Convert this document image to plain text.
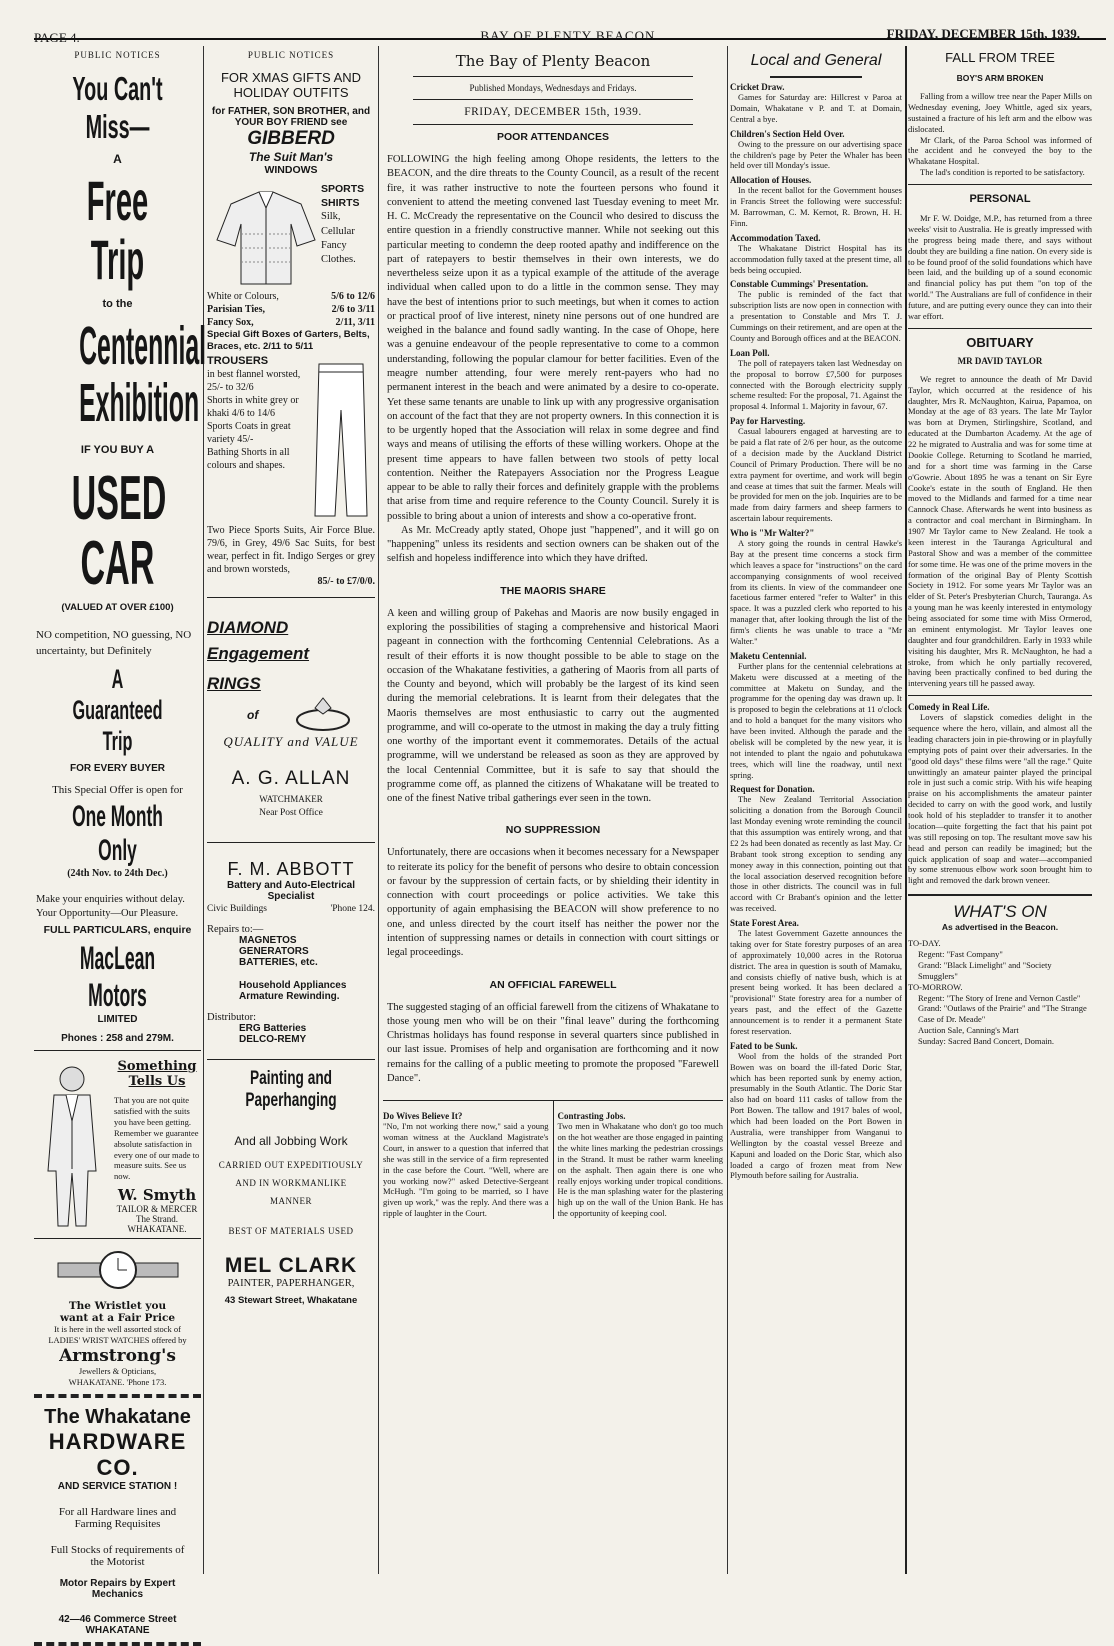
PAGE 4.	BAY OF PLENTY BEACON.	FRIDAY, DECEMBER 15th, 1939.
PUBLIC NOTICES
You Can't Miss—
A
Free Trip
to the
Centennial
Exhibition
IF YOU BUY A
USED CAR
(VALUED AT OVER £100)
NO competition, NO guessing, NO uncertainty, but Definitely
A Guaranteed Trip
FOR EVERY BUYER
This Special Offer is open for
One Month Only
(24th Nov. to 24th Dec.)
Make your enquiries without delay. Your Opportunity—Our Pleasure.
FULL PARTICULARS, enquire
MacLean Motors
LIMITED
Phones : 258 and 279M.
Something Tells Us
That you are not quite satisfied with the suits you have been getting. Remember we guarantee absolute satisfaction in every one of our made to measure suits. See us now.
W. Smyth
TAILOR & MERCER
The Strand.
WHAKATANE.
The Wristlet you
want at a Fair Price
It is here in the well assorted stock of LADIES' WRIST WATCHES offered by
Armstrong's
Jewellers & Opticians,
WHAKATANE. 'Phone 173.
The Whakatane
HARDWARE CO.
AND SERVICE STATION !
For all Hardware lines and Farming Requisites
Full Stocks of requirements of the Motorist
Motor Repairs by Expert Mechanics
42—46 Commerce Street
WHAKATANE
PUBLIC NOTICES
FOR XMAS GIFTS AND
HOLIDAY OUTFITS
for FATHER, SON BROTHER, and YOUR BOY FRIEND see
GIBBERD
The Suit Man's
WINDOWS
SPORTS
SHIRTS
Silk,
Cellular
Fancy
Clothes.
White or Colours,	5/6 to 12/6
Parisian Ties,	2/6 to 3/11
Fancy Sox,	2/11, 3/11
Special Gift Boxes of Garters, Belts, Braces, etc. 2/11 to 5/11
TROUSERS
in best flannel worsted, 25/- to 32/6
Shorts in white grey or khaki 4/6 to 14/6
Sports Coats in great variety 45/-
Bathing Shorts in all colours and shapes.
Two Piece Sports Suits, Air Force Blue. 79/6, in Grey, 49/6 Sac Suits, for best wear, perfect in fit. Indigo Serges or grey and brown worsteds,
85/- to £7/0/0.
DIAMOND
Engagement
RINGS
of
QUALITY and VALUE
A. G. ALLAN
WATCHMAKER
Near Post Office
F. M. ABBOTT
Battery and Auto-Electrical Specialist
Civic Buildings	'Phone 124.
Repairs to:—
MAGNETOS
GENERATORS
BATTERIES, etc.
Household Appliances
Armature Rewinding.
Distributor:
ERG Batteries
DELCO-REMY
Painting and Paperhanging
And all Jobbing Work
CARRIED OUT EXPEDITIOUSLY
AND IN WORKMANLIKE
MANNER
BEST OF MATERIALS USED
MEL CLARK
PAINTER, PAPERHANGER,
43 Stewart Street, Whakatane
The Bay of Plenty Beacon
Published Mondays, Wednesdays and Fridays.
FRIDAY, DECEMBER 15th, 1939.
POOR ATTENDANCES
FOLLOWING the high feeling among Ohope residents, the letters to the BEACON, and the dire threats to the County Council, as a result of the recent fire, it was rather instructive to note the fourteen persons who found it convenient to attend the meeting convened last Tuesday evening to meet Mr. H. C. McCready the representative on the Council who desired to discuss the entire question in a friendly constructive manner. While not seeking out this particular meeting to condemn the deep rooted apathy and indifference on the part of ratepayers to bestir themselves in their own interests, we do nevertheless seize upon it as a typical example of the attitude of the average individual when called upon to do a little in the common sense. They may have the best of intentions prior to such meetings, but when it comes to action or practical proof of live interest, ninety nine persons out of one hundred are weighed in the balance and found sadly wanting. In the case of Ohope, here was a genuine endeavour of the people representative to come to a common understanding, following the popular clamour for better facilities. Even of the meagre number attending, four were merely rent-payers who had no permanent interest in the beach and were animated by a desire to co-operate. Yet these same tenants are unable to link up with any progressive organisation on account of the fact that they are not property owners. In this connection it is to be urgently hoped that the Association will relax in some degree and find ways and means of utilising the efforts of these willing workers. Ohope at the present time appears to have fallen between two stools of petty local contention. Neither the Ratepayers Association nor the Progress League appear to be able to rally their forces and definitely grapple with the problems that arise from time and require reference to the County Council. Surely it is possible to bring about a union of interests and show a co-operative front.
As Mr. McCready aptly stated, Ohope just "happened", and it will go on "happening" unless its residents and section owners can be shaken out of the selfish and hopeless indifference into which they have drifted.
THE MAORIS SHARE
A keen and willing group of Pakehas and Maoris are now busily engaged in exploring the possibilities of staging a comprehensive and historical Maori pageant in connection with the forthcoming Centennial Celebrations. As a result of their efforts it is now thought possible to be able to stage on the occasion of the Whakatane festivities, a gathering of Maoris from all parts of the County and beyond, which will probably be the largest of its kind seen during the memorial celebrations. It is learnt from their delegates that the Maoris themselves are most enthusiastic to carry out the augmented programme, and will co-operate to the utmost in making the day a truly fitting one worthy of the important event it commemorates. Details of the actual programme, will we understand be released as soon as they are approved by the local Centennial Committee, but it is safe to say that should the programme come off, as planned the citizens of Whakatane will be treated to one of the finest Native tribal gatherings ever seen in the town.
NO SUPPRESSION
Unfortunately, there are occasions when it becomes necessary for a Newspaper to reiterate its policy for the benefit of persons who desire to obtain concession or favour by the suppression of certain facts, or by shielding their identity in connection with court proceedings or police activities. We take this opportunity of again emphasising the BEACON will show preference to no one, and unless directed by the court itself has neither the power nor the intention of suppressing names or details in connection with court sittings or legal proceedings.
AN OFFICIAL FAREWELL
The suggested staging of an official farewell from the citizens of Whakatane to those young men who will be on their "final leave" during the forthcoming Christmas holidays has found response in several quarters since published in our last issue. Promises of help and organisation are forthcoming and it now remains for the calling of a public meeting to promote the proposed "Farewell Dance".
Do Wives Believe It?
"No, I'm not working there now," said a young woman witness at the Auckland Magistrate's Court, in answer to a question that inferred that she was still in the service of a firm represented in the case before the Court. "Well, where are you working now?" asked Detective-Sergeant McHugh. "I'm going to be married, so I have given up work," was the reply. And there was a ripple of laughter in the Court.
Contrasting Jobs.
Two men in Whakatane who don't go too much on the hot weather are those engaged in painting the white lines marking the pedestrian crossings in the Strand. It must be rather warm kneeling on the asphalt. Then again there is one who really enjoys working under tropical conditions. He is the man splashing water for the plastering high up on the wall of the Union Bank. He has the opportunity of keeping cool.
Local and General
Cricket Draw.
Games for Saturday are: Hillcrest v Paroa at Domain, Whakatane v P. and T. at Domain, Central a bye.
Children's Section Held Over.
Owing to the pressure on our advertising space the children's page by Peter the Whaler has been held over till Monday's issue.
Allocation of Houses.
In the recent ballot for the Government houses in Francis Street the following were successful: M. Barrowman, C. M. Kernot, R. Brown, H. H. Finn.
Accommodation Taxed.
The Whakatane District Hospital has its accommodation fully taxed at the present time, all beds being occupied.
Constable Cummings' Presentation.
The public is reminded of the fact that subscription lists are now open in connection with a presentation to Constable and Mrs T. J. Cummings on their retirement, and are open at the County and Borough offices and at the BEACON.
Loan Poll.
The poll of ratepayers taken last Wednesday on the proposal to borrow £7,500 for purposes connected with the Borough electricity supply scheme resulted: For the proposal, 71. Against the proposal 4. Informal 1. Majority in favour, 67.
Pay for Harvesting.
Casual labourers engaged at harvesting are to be paid a flat rate of 2/6 per hour, as the outcome of a decision made by the Auckland District Council of Primary Production. There will be no extra payment for overtime, and work will begin and cease at times that suit the farmer. Meals will be provided for men on the job. Inquiries are to be made from dairy farmers and sheep farmers to ascertain labour requirements.
Who is "Mr Walter?"
A story going the rounds in central Hawke's Bay at the present time concerns a stock firm which leaves a space for "instructions" on the card accompanying consignments of wool received from its clients. In view of the commandeer one facetious farmer entered "refer to Walter" in this space. It was a puzzled clerk who reported to his manager that, after looking through the list of the firm's clients he was unable to trace a "Mr Walter."
Maketu Centennial.
Further plans for the centennial celebrations at Maketu were discussed at a meeting of the committee at Maketu on Sunday, and the programme for the opening day was drawn up. It is proposed to begin the celebrations at 11 o'clock and to hold a banquet for the many visitors who have been invited. Although the parade and the obelisk will be completed by the new year, it is not intended to plant the ngaio and pohutukawa trees, which will line the roadway, until next spring.
Request for Donation.
The New Zealand Territorial Association soliciting a donation from the Borough Council last Monday evening wrote reminding the council that this assumption was entirely wrong, and that £2 2s had been donated as recently as last May. Cr Brabant took strong exception to sending any money away in this connection, pointing out that the local association deserved recognition before those in other districts. The council was in full accord with Cr Brabant's opinion and the letter was received.
State Forest Area.
The latest Government Gazette announces the taking over for State forestry purposes of an area of approximately 10,000 acres in the Rotorua district. The area in question is south of Mamaku, and consists chiefly of native bush, which is at present being worked. It has been declared a "provisional" State forestry area for a number of years past, and the effect of the Gazette announcement is to render it a permanent State forest reservation.
Fated to be Sunk.
Wool from the holds of the stranded Port Bowen was on board the ill-fated Doric Star, which has been reported sunk by enemy action, presumably in the South Atlantic. The Doric Star also had on board 111 casks of tallow from the Port Bowen. The tallow and 1917 bales of wool, which had been loaded on the Port Bowen in Australia, were transhipper from Wanganui to Wellington by the coastal vessel Breeze and Kapuni and loaded on the Doric Star, which also loaded a cargo of frozen meat from New Plymouth before sailing for Australia.
FALL FROM TREE
BOY'S ARM BROKEN
Falling from a willow tree near the Paper Mills on Wednesday evening, Joey Whittle, aged six years, sustained a fracture of his left arm and the elbow was dislocated.
Mr Clark, of the Paroa School was informed of the accident and he conveyed the boy to the Whakatane Hospital.
The lad's condition is reported to be satisfactory.
PERSONAL
Mr F. W. Doidge, M.P., has returned from a three weeks' visit to Australia. He is greatly impressed with the progress being made there, and says without doubt they are building a fine nation. On every side is to be found proof of the solid foundations which have been laid, and the building up of a sound economic and financial policy has put them "on top of the world." The Australians are full of confidence in their future, and are putting every ounce they can into their war effort.
OBITUARY
MR DAVID TAYLOR
We regret to announce the death of Mr David Taylor, which occurred at the residence of his daughter, Mrs R. McNaughton, Kairua, Papamoa, on Monday at the age of 83 years. The late Mr Taylor was born at Drymen, Stirlingshire, Scotland, and educated at the Dumbarton Academy. At the age of 22 he migrated to Australia and was for some time at Dookie College. Returning to Scotland he married, and for a short time was farming in the Carse o'Gowrie. About 1895 he was a tenant on Sir Eyre Cooke's estate in the south of England. He then moved to the Midlands and farmed for a time near Cannock Chase. Afterwards he went into business as a contractor and coal merchant in Birmingham. In 1907 Mr Taylor came to New Zealand. He took a keen interest in the Tauranga Agricultural and Pastoral Show and was a member of the committee for some time. He was one of the prime movers in the formation of the original Bay of Plenty Scottish Society in 1912. For some years Mr Taylor was an elder of St. Peter's Presbyterian Church, Tauranga. As a young man he was keenly interested in entymology being associated for some time with Miss Ormerod, an eminent entymologist. Mr Taylor leaves one daughter and four grandchildren. Early in 1933 while visiting his daughter, Mrs R. McNaughton, he had a stroke, from which he only partially recovered, having been practically confined to bed during the intervening years till he passed away.
Comedy in Real Life.
Lovers of slapstick comedies delight in the sequence where the hero, villain, and almost all the leading characters join in pie-throwing or in playfully emptying pots of paint over their adversaries. In the "good old days" these films were "all the rage." Quite unwittingly an amateur painter played the principal role in just such a comic strip. With his wife heaping praise on his accomplishments the amateur painter decided to carry on with the good work, and lustily took hold of his stepladder to transfer it to another location—quite forgetting the fact that his paint pot was still reposing on top. The resultant move saw his head and person can readily be imagined; but the quick application of soap and water—accompanied by some strenuous elbow work soon brought him to light and removed the dark brown veneer.
WHAT'S ON
As advertised in the Beacon.
TO-DAY.
Regent: "Fast Company"
Grand: "Black Limelight" and "Society Smugglers"
TO-MORROW.
Regent: "The Story of Irene and Vernon Castle"
Grand: "Outlaws of the Prairie" and "The Strange Case of Dr. Meade"
Auction Sale, Canning's Mart
Sunday: Sacred Band Concert, Domain.
